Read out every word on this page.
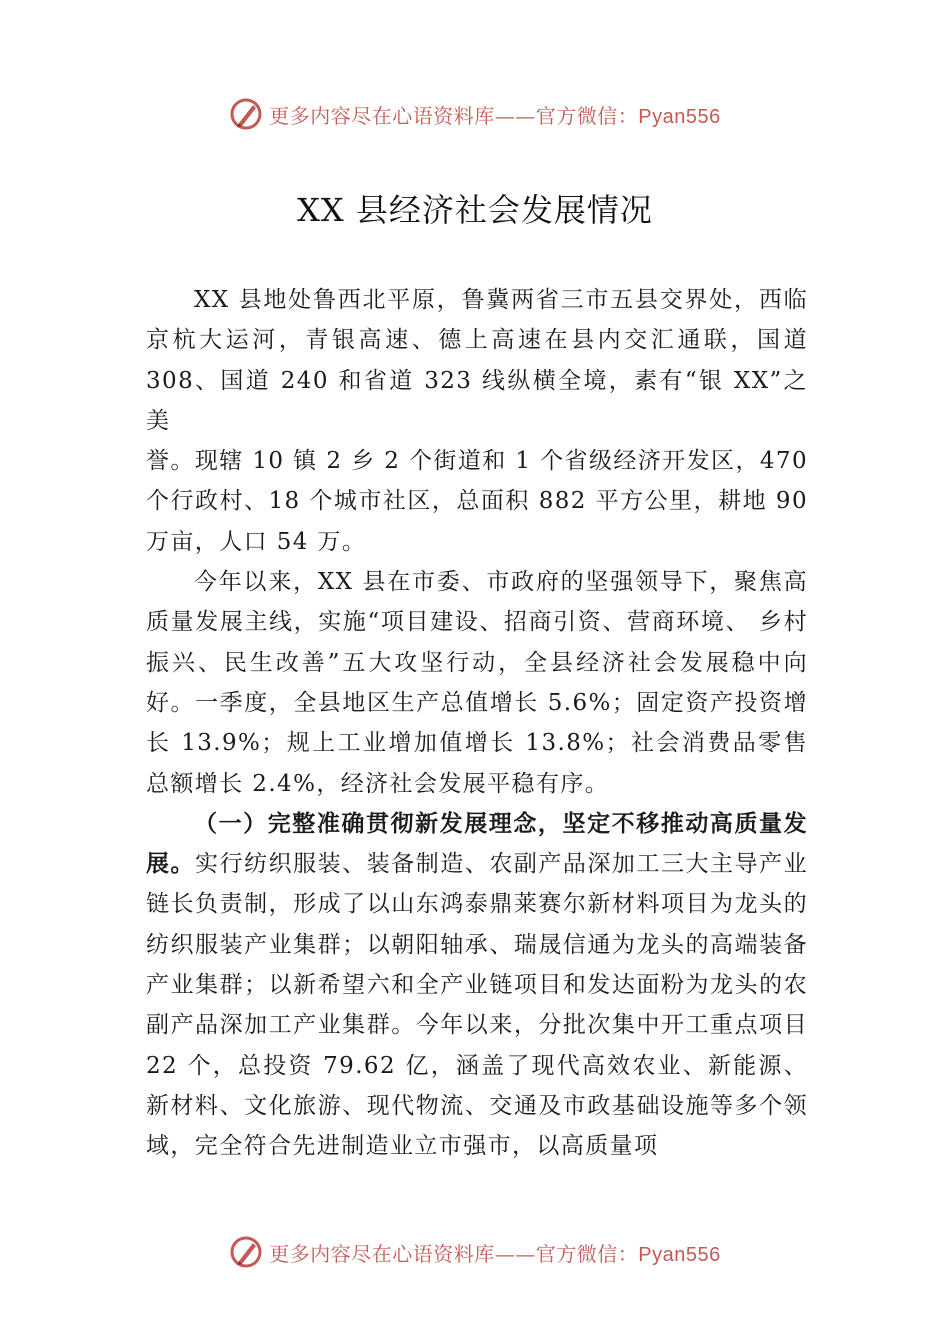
更多内容尽在心语资料库——官方微信：Pyan556
XX 县经济社会发展情况

XX 县地处鲁西北平原，鲁冀两省三市五县交界处，西临京杭大运河，青银高速、德上高速在县内交汇通联，国道 308、国道 240 和省道 323 线纵横全境，素有“银 XX”之美

誉。现辖 10 镇 2 乡 2 个街道和 1 个省级经济开发区，470 个行政村、18 个城市社区，总面积 882 平方公里，耕地 90 万亩，人口 54 万。

今年以来，XX 县在市委、市政府的坚强领导下，聚焦高质量发展主线，实施“项目建设、招商引资、营商环境、 乡村振兴、民生改善”五大攻坚行动，全县经济社会发展稳中向好。一季度，全县地区生产总值增长 5.6%；固定资产投资增长 13.9%；规上工业增加值增长 13.8%；社会消费品零售总额增长 2.4%，经济社会发展平稳有序。

（一）完整准确贯彻新发展理念，坚定不移推动高质量发展。实行纺织服装、装备制造、农副产品深加工三大主导产业链长负责制，形成了以山东鸿泰鼎莱赛尔新材料项目为龙头的纺织服装产业集群；以朝阳轴承、瑞晟信通为龙头的高端装备产业集群；以新希望六和全产业链项目和发达面粉为龙头的农副产品深加工产业集群。今年以来，分批次集中开工重点项目 22 个，总投资 79.62 亿，涵盖了现代高效农业、新能源、新材料、文化旅游、现代物流、交通及市政基础设施等多个领域，完全符合先进制造业立市强市，以高质量项

更多内容尽在心语资料库——官方微信：Pyan556
